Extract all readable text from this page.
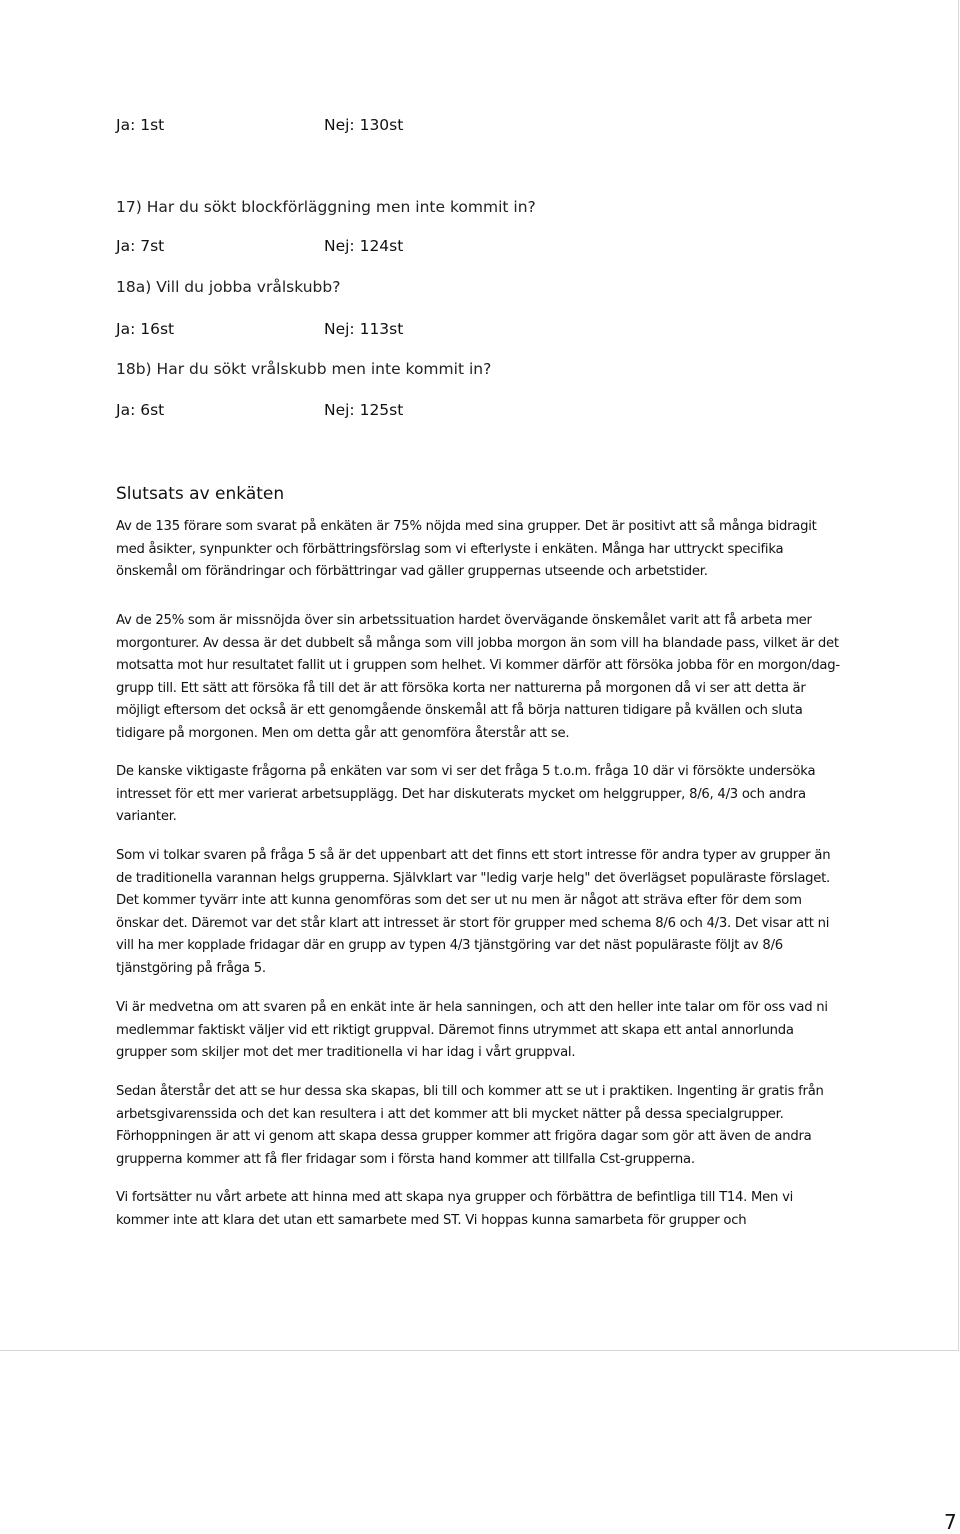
Ja: 1st	Nej: 130st
17) Har du sökt blockförläggning men inte kommit in?
Ja: 7st	Nej: 124st
18a) Vill du jobba vrålskubb?
Ja: 16st	Nej: 113st
18b) Har du sökt vrålskubb men inte kommit in?
Ja: 6st	Nej: 125st
Slutsats av enkäten

Av de 135 förare som svarat på enkäten är 75% nöjda med sina grupper. Det är positivt att så många bidragit med åsikter, synpunkter och förbättringsförslag som vi efterlyste i enkäten. Många har uttryckt specifika önskemål om förändringar och förbättringar vad gäller gruppernas utseende och arbetstider.

Av de 25% som är missnöjda över sin arbetssituation hardet övervägande önskemålet varit att få arbeta mer morgonturer. Av dessa är det dubbelt så många som vill jobba morgon än som vill ha blandade pass, vilket är det motsatta mot hur resultatet fallit ut i gruppen som helhet. Vi kommer därför att försöka jobba för en morgon/dag-grupp till. Ett sätt att försöka få till det är att försöka korta ner natturerna på morgonen då vi ser att detta är möjligt eftersom det också är ett genomgående önskemål att få börja natturen tidigare på kvällen och sluta tidigare på morgonen. Men om detta går att genomföra återstår att se.

De kanske viktigaste frågorna på enkäten var som vi ser det fråga 5 t.o.m. fråga 10 där vi försökte undersöka intresset för ett mer varierat arbetsupplägg. Det har diskuterats mycket om helggrupper, 8/6, 4/3 och andra varianter.

Som vi tolkar svaren på fråga 5 så är det uppenbart att det finns ett stort intresse för andra typer av grupper än de traditionella varannan helgs grupperna. Självklart var "ledig varje helg" det överlägset populäraste förslaget. Det kommer tyvärr inte att kunna genomföras som det ser ut nu men är något att sträva efter för dem som önskar det. Däremot var det står klart att intresset är stort för grupper med schema 8/6 och 4/3. Det visar att ni vill ha mer kopplade fridagar där en grupp av typen 4/3 tjänstgöring var det näst populäraste följt av 8/6 tjänstgöring på fråga 5.

Vi är medvetna om att svaren på en enkät inte är hela sanningen, och att den heller inte talar om för oss vad ni medlemmar faktiskt väljer vid ett riktigt gruppval. Däremot finns utrymmet att skapa ett antal annorlunda grupper som skiljer mot det mer traditionella vi har idag i vårt gruppval.

Sedan återstår det att se hur dessa ska skapas, bli till och kommer att se ut i praktiken. Ingenting är gratis från arbetsgivarenssida och det kan resultera i att det kommer att bli mycket nätter på dessa specialgrupper. Förhoppningen är att vi genom att skapa dessa grupper kommer att frigöra dagar som gör att även de andra grupperna kommer att få fler fridagar som i första hand kommer att tillfalla Cst-grupperna.

Vi fortsätter nu vårt arbete att hinna med att skapa nya grupper och förbättra de befintliga till T14. Men vi kommer inte att klara det utan ett samarbete med ST. Vi hoppas kunna samarbeta för grupper och

7
